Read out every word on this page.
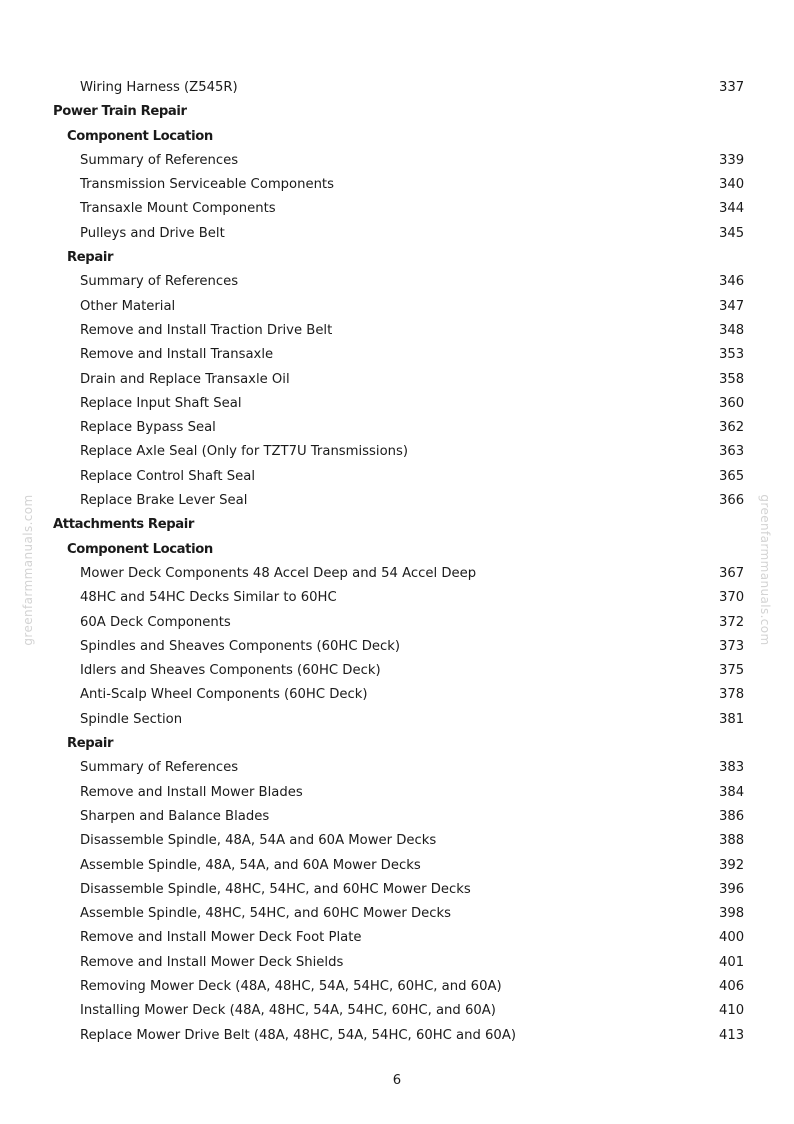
Wiring Harness (Z545R)	337
Power Train Repair
Component Location
Summary of References	339
Transmission Serviceable Components	340
Transaxle Mount Components	344
Pulleys and Drive Belt	345
Repair
Summary of References	346
Other Material	347
Remove and Install Traction Drive Belt	348
Remove and Install Transaxle	353
Drain and Replace Transaxle Oil	358
Replace Input Shaft Seal	360
Replace Bypass Seal	362
Replace Axle Seal (Only for TZT7U Transmissions)	363
Replace Control Shaft Seal	365
Replace Brake Lever Seal	366
Attachments Repair
Component Location
Mower Deck Components 48 Accel Deep and 54 Accel Deep	367
48HC and 54HC Decks Similar to 60HC	370
60A Deck Components	372
Spindles and Sheaves Components (60HC Deck)	373
Idlers and Sheaves Components (60HC Deck)	375
Anti-Scalp Wheel Components (60HC Deck)	378
Spindle Section	381
Repair
Summary of References	383
Remove and Install Mower Blades	384
Sharpen and Balance Blades	386
Disassemble Spindle, 48A, 54A and 60A Mower Decks	388
Assemble Spindle, 48A, 54A, and 60A Mower Decks	392
Disassemble Spindle, 48HC, 54HC, and 60HC Mower Decks	396
Assemble Spindle, 48HC, 54HC, and 60HC Mower Decks	398
Remove and Install Mower Deck Foot Plate	400
Remove and Install Mower Deck Shields	401
Removing Mower Deck (48A, 48HC, 54A, 54HC, 60HC, and 60A)	406
Installing Mower Deck (48A, 48HC, 54A, 54HC, 60HC, and 60A)	410
Replace Mower Drive Belt (48A, 48HC, 54A, 54HC, 60HC and 60A)	413
greenfarmmanuals.com	greenfarmmanuals.com
6
